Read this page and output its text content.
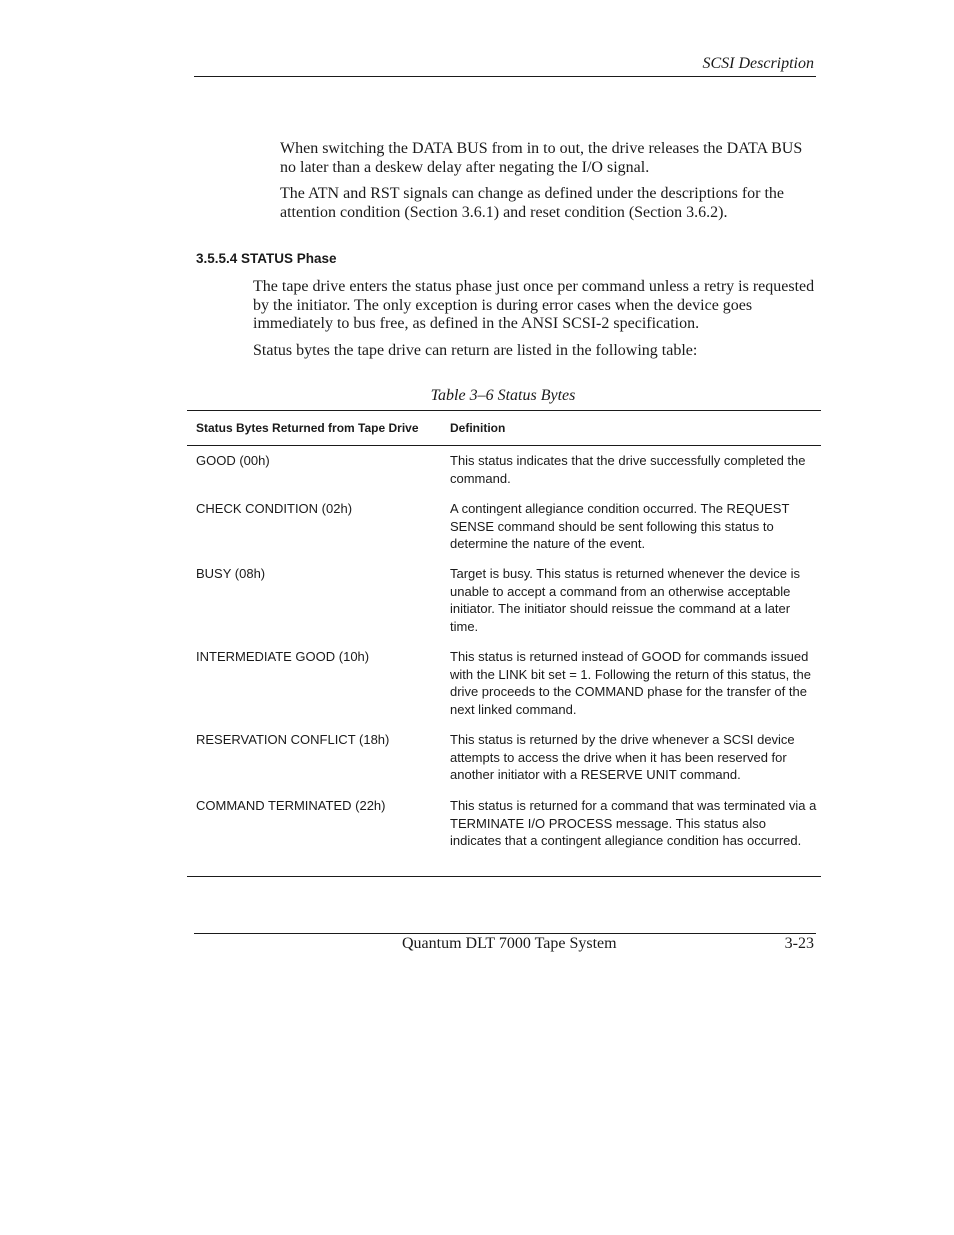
SCSI Description

When switching the DATA BUS from in to out, the drive releases the DATA BUS no later than a deskew delay after negating the I/O signal.

The ATN and RST signals can change as defined under the descriptions for the attention condition (Section 3.6.1) and reset condition (Section 3.6.2).

3.5.5.4 STATUS Phase

The tape drive enters the status phase just once per command unless a retry is requested by the initiator. The only exception is during error cases when the device goes immediately to bus free, as defined in the ANSI SCSI-2 specification.

Status bytes the tape drive can return are listed in the following table:

Table 3–6 Status Bytes
Status Bytes Returned from Tape Drive	Definition
GOOD (00h)	This status indicates that the drive successfully completed the command.
CHECK CONDITION (02h)	A contingent allegiance condition occurred. The REQUEST SENSE command should be sent following this status to determine the nature of the event.
BUSY (08h)	Target is busy. This status is returned whenever the device is unable to accept a command from an otherwise acceptable initiator. The initiator should reissue the command at a later time.
INTERMEDIATE GOOD (10h)	This status is returned instead of GOOD for commands issued with the LINK bit set = 1. Following the return of this status, the drive proceeds to the COMMAND phase for the transfer of the next linked command.
RESERVATION CONFLICT (18h)	This status is returned by the drive whenever a SCSI device attempts to access the drive when it has been reserved for another initiator with a RESERVE UNIT command.
COMMAND TERMINATED (22h)	This status is returned for a command that was terminated via a TERMINATE I/O PROCESS message. This status also indicates that a contingent allegiance condition has occurred.
Quantum DLT 7000 Tape System	3-23
